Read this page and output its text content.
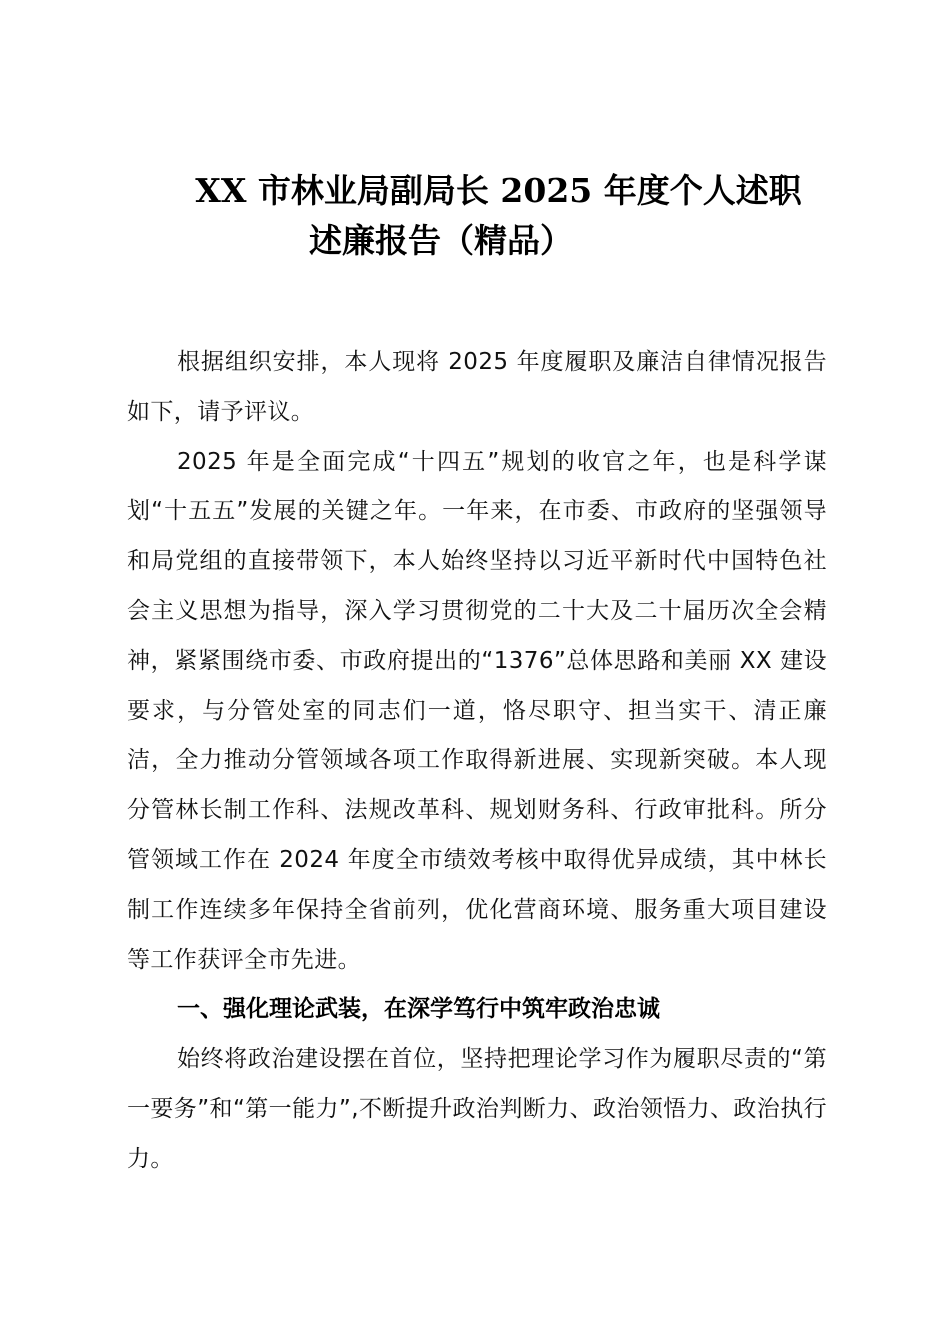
XX 市林业局副局长 2025 年度个人述职
述廉报告（精品）

根据组织安排，本人现将 2025 年度履职及廉洁自律情况报告如下，请予评议。

2025 年是全面完成“十四五”规划的收官之年，也是科学谋划“十五五”发展的关键之年。一年来，在市委、市政府的坚强领导和局党组的直接带领下，本人始终坚持以习近平新时代中国特色社会主义思想为指导，深入学习贯彻党的二十大及二十届历次全会精神，紧紧围绕市委、市政府提出的“1376”总体思路和美丽 XX 建设要求，与分管处室的同志们一道，恪尽职守、担当实干、清正廉洁，全力推动分管领域各项工作取得新进展、实现新突破。本人现分管林长制工作科、法规改革科、规划财务科、行政审批科。所分管领域工作在 2024 年度全市绩效考核中取得优异成绩，其中林长制工作连续多年保持全省前列，优化营商环境、服务重大项目建设等工作获评全市先进。

一、强化理论武装，在深学笃行中筑牢政治忠诚

始终将政治建设摆在首位，坚持把理论学习作为履职尽责的“第一要务”和“第一能力”,不断提升政治判断力、政治领悟力、政治执行力。
